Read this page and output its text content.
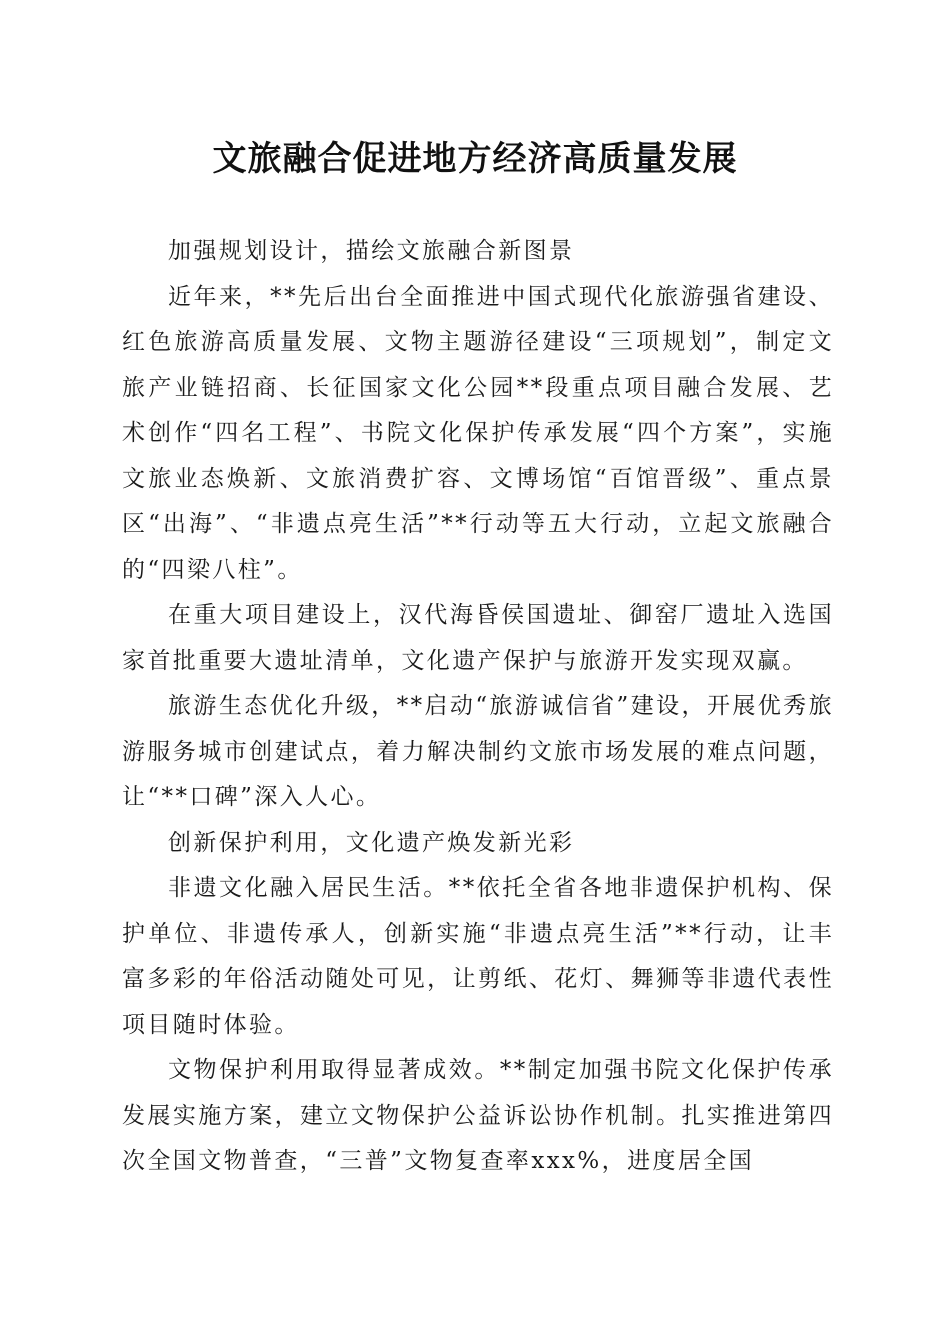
文旅融合促进地方经济高质量发展

加强规划设计，描绘文旅融合新图景

近年来，**先后出台全面推进中国式现代化旅游强省建设、红色旅游高质量发展、文物主题游径建设“三项规划”，制定文旅产业链招商、长征国家文化公园**段重点项目融合发展、艺术创作“四名工程”、书院文化保护传承发展“四个方案”，实施文旅业态焕新、文旅消费扩容、文博场馆“百馆晋级”、重点景区“出海”、“非遗点亮生活”**行动等五大行动，立起文旅融合的“四梁八柱”。

在重大项目建设上，汉代海昏侯国遗址、御窑厂遗址入选国家首批重要大遗址清单，文化遗产保护与旅游开发实现双赢。

旅游生态优化升级，**启动“旅游诚信省”建设，开展优秀旅游服务城市创建试点，着力解决制约文旅市场发展的难点问题，让“**口碑”深入人心。

创新保护利用，文化遗产焕发新光彩

非遗文化融入居民生活。**依托全省各地非遗保护机构、保护单位、非遗传承人，创新实施“非遗点亮生活”**行动，让丰富多彩的年俗活动随处可见，让剪纸、花灯、舞狮等非遗代表性项目随时体验。

文物保护利用取得显著成效。**制定加强书院文化保护传承发展实施方案，建立文物保护公益诉讼协作机制。扎实推进第四次全国文物普查，“三普”文物复查率xxx%，进度居全国
